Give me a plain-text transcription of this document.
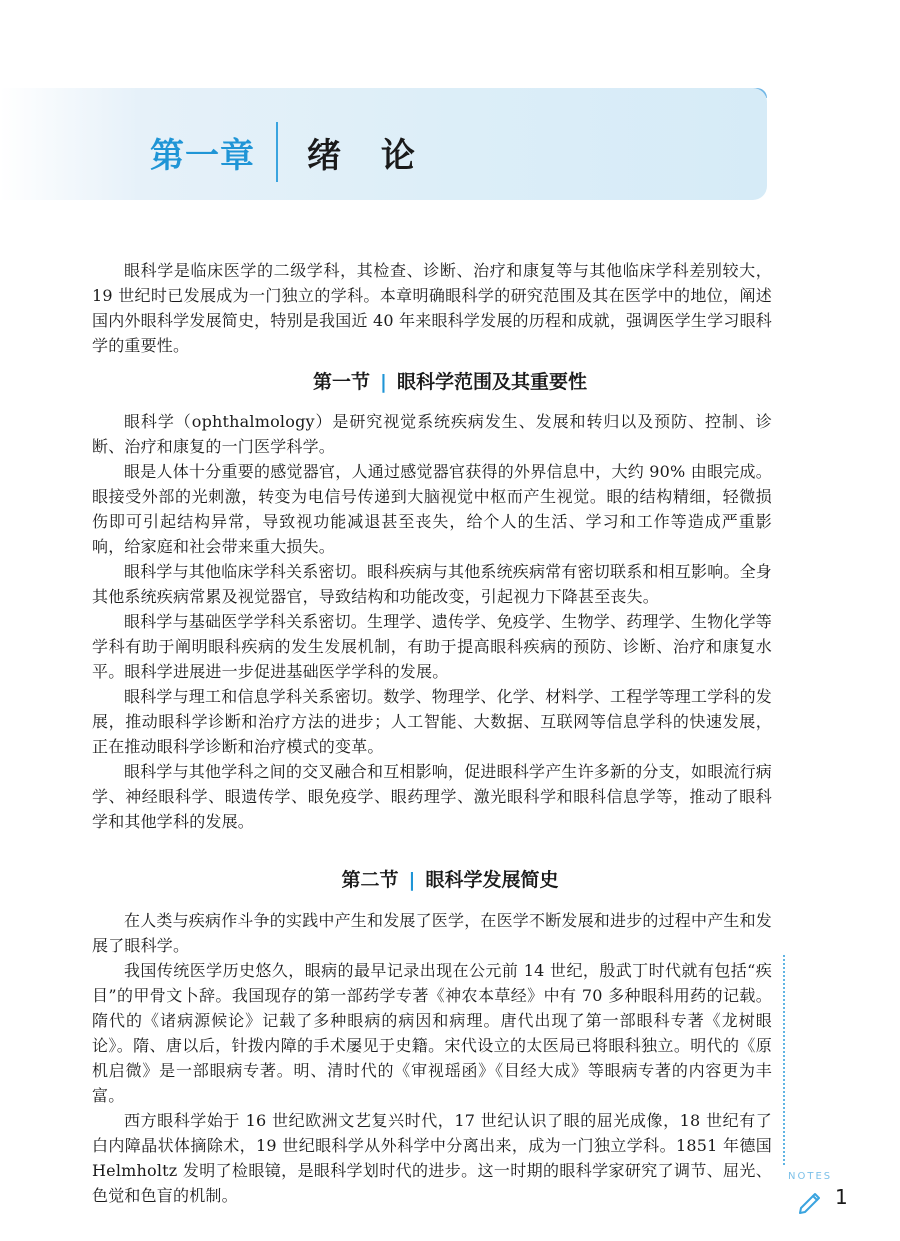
第一章 绪 论

眼科学是临床医学的二级学科，其检查、诊断、治疗和康复等与其他临床学科差别较大，19 世纪时已发展成为一门独立的学科。本章明确眼科学的研究范围及其在医学中的地位，阐述国内外眼科学发展简史，特别是我国近 40 年来眼科学发展的历程和成就，强调医学生学习眼科学的重要性。

第一节 | 眼科学范围及其重要性

眼科学（ophthalmology）是研究视觉系统疾病发生、发展和转归以及预防、控制、诊断、治疗和康复的一门医学科学。

眼是人体十分重要的感觉器官，人通过感觉器官获得的外界信息中，大约 90% 由眼完成。眼接受外部的光刺激，转变为电信号传递到大脑视觉中枢而产生视觉。眼的结构精细，轻微损伤即可引起结构异常，导致视功能减退甚至丧失，给个人的生活、学习和工作等造成严重影响，给家庭和社会带来重大损失。

眼科学与其他临床学科关系密切。眼科疾病与其他系统疾病常有密切联系和相互影响。全身其他系统疾病常累及视觉器官，导致结构和功能改变，引起视力下降甚至丧失。

眼科学与基础医学学科关系密切。生理学、遗传学、免疫学、生物学、药理学、生物化学等学科有助于阐明眼科疾病的发生发展机制，有助于提高眼科疾病的预防、诊断、治疗和康复水平。眼科学进展进一步促进基础医学学科的发展。

眼科学与理工和信息学科关系密切。数学、物理学、化学、材料学、工程学等理工学科的发展，推动眼科学诊断和治疗方法的进步；人工智能、大数据、互联网等信息学科的快速发展，正在推动眼科学诊断和治疗模式的变革。

眼科学与其他学科之间的交叉融合和互相影响，促进眼科学产生许多新的分支，如眼流行病学、神经眼科学、眼遗传学、眼免疫学、眼药理学、激光眼科学和眼科信息学等，推动了眼科学和其他学科的发展。

第二节 | 眼科学发展简史

在人类与疾病作斗争的实践中产生和发展了医学，在医学不断发展和进步的过程中产生和发展了眼科学。

我国传统医学历史悠久，眼病的最早记录出现在公元前 14 世纪，殷武丁时代就有包括“疾目”的甲骨文卜辞。我国现存的第一部药学专著《神农本草经》中有 70 多种眼科用药的记载。隋代的《诸病源候论》记载了多种眼病的病因和病理。唐代出现了第一部眼科专著《龙树眼论》。隋、唐以后，针拨内障的手术屡见于史籍。宋代设立的太医局已将眼科独立。明代的《原机启微》是一部眼病专著。明、清时代的《审视瑶函》《目经大成》等眼病专著的内容更为丰富。

西方眼科学始于 16 世纪欧洲文艺复兴时代，17 世纪认识了眼的屈光成像，18 世纪有了白内障晶状体摘除术，19 世纪眼科学从外科学中分离出来，成为一门独立学科。1851 年德国 Helmholtz 发明了检眼镜，是眼科学划时代的进步。这一时期的眼科学家研究了调节、屈光、色觉和色盲的机制。

NOTES
1
